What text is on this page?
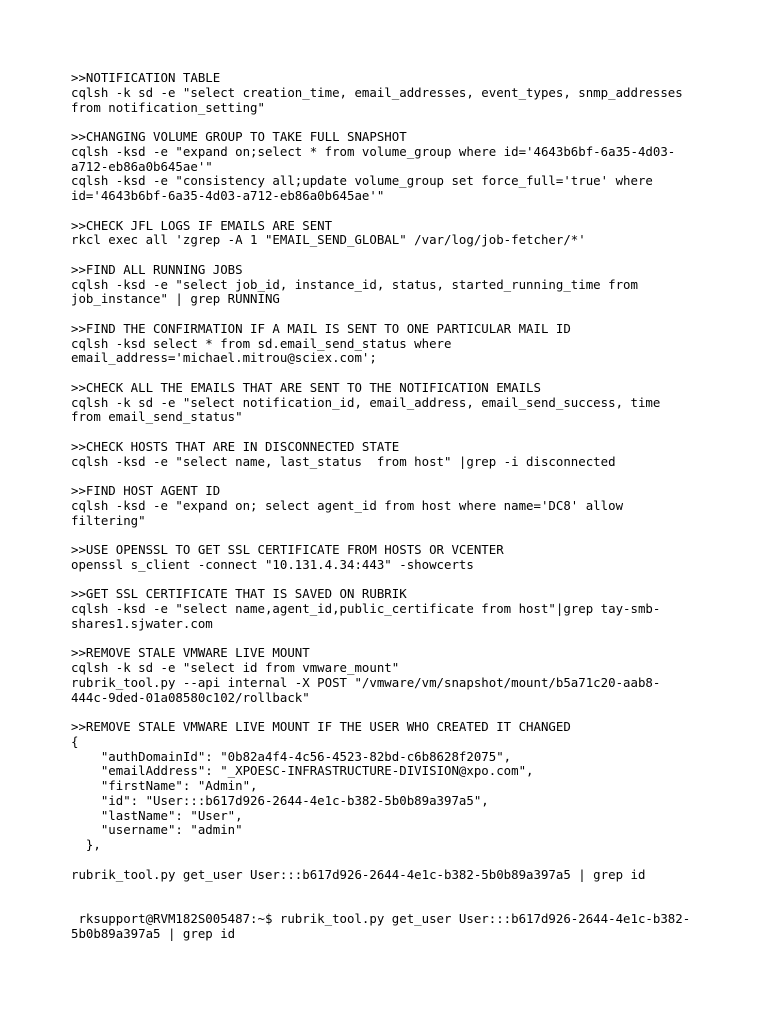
>>NOTIFICATION TABLE
cqlsh -k sd -e "select creation_time, email_addresses, event_types, snmp_addresses
from notification_setting"
>>CHANGING VOLUME GROUP TO TAKE FULL SNAPSHOT
cqlsh -ksd -e "expand on;select * from volume_group where id='4643b6bf-6a35-4d03-
a712-eb86a0b645ae'"
cqlsh -ksd -e "consistency all;update volume_group set force_full='true' where
id='4643b6bf-6a35-4d03-a712-eb86a0b645ae'"
>>CHECK JFL LOGS IF EMAILS ARE SENT
rkcl exec all 'zgrep -A 1 "EMAIL_SEND_GLOBAL" /var/log/job-fetcher/*'
>>FIND ALL RUNNING JOBS
cqlsh -ksd -e "select job_id, instance_id, status, started_running_time from
job_instance" | grep RUNNING
>>FIND THE CONFIRMATION IF A MAIL IS SENT TO ONE PARTICULAR MAIL ID
cqlsh -ksd select * from sd.email_send_status where
email_address='michael.mitrou@sciex.com';
>>CHECK ALL THE EMAILS THAT ARE SENT TO THE NOTIFICATION EMAILS
cqlsh -k sd -e "select notification_id, email_address, email_send_success, time
from email_send_status"
>>CHECK HOSTS THAT ARE IN DISCONNECTED STATE
cqlsh -ksd -e "select name, last_status  from host" |grep -i disconnected
>>FIND HOST AGENT ID
cqlsh -ksd -e "expand on; select agent_id from host where name='DC8' allow
filtering"
>>USE OPENSSL TO GET SSL CERTIFICATE FROM HOSTS OR VCENTER
openssl s_client -connect "10.131.4.34:443" -showcerts
>>GET SSL CERTIFICATE THAT IS SAVED ON RUBRIK
cqlsh -ksd -e "select name,agent_id,public_certificate from host"|grep tay-smb-
shares1.sjwater.com
>>REMOVE STALE VMWARE LIVE MOUNT
cqlsh -k sd -e "select id from vmware_mount"
rubrik_tool.py --api internal -X POST "/vmware/vm/snapshot/mount/b5a71c20-aab8-
444c-9ded-01a08580c102/rollback"
>>REMOVE STALE VMWARE LIVE MOUNT IF THE USER WHO CREATED IT CHANGED
{
"authDomainId": "0b82a4f4-4c56-4523-82bd-c6b8628f2075",
"emailAddress": "_XPOESC-INFRASTRUCTURE-DIVISION@xpo.com",
"firstName": "Admin",
"id": "User:::b617d926-2644-4e1c-b382-5b0b89a397a5",
"lastName": "User",
"username": "admin"
},
rubrik_tool.py get_user User:::b617d926-2644-4e1c-b382-5b0b89a397a5 | grep id
rksupport@RVM182S005487:~$ rubrik_tool.py get_user User:::b617d926-2644-4e1c-b382-
5b0b89a397a5 | grep id
